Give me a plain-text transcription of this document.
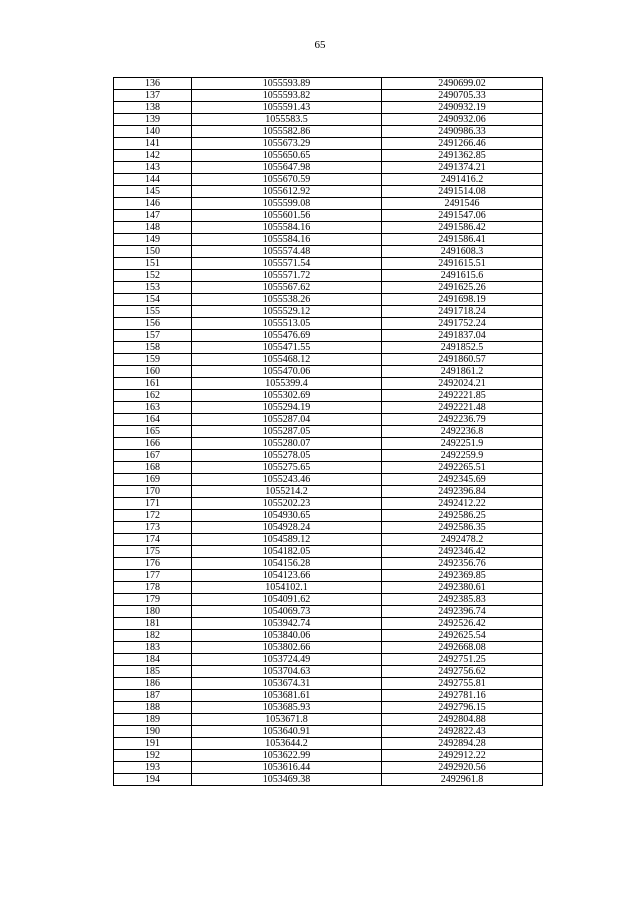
65
136	1055593.89	2490699.02
137	1055593.82	2490705.33
138	1055591.43	2490932.19
139	1055583.5	2490932.06
140	1055582.86	2490986.33
141	1055673.29	2491266.46
142	1055650.65	2491362.85
143	1055647.98	2491374.21
144	1055670.59	2491416.2
145	1055612.92	2491514.08
146	1055599.08	2491546
147	1055601.56	2491547.06
148	1055584.16	2491586.42
149	1055584.16	2491586.41
150	1055574.48	2491608.3
151	1055571.54	2491615.51
152	1055571.72	2491615.6
153	1055567.62	2491625.26
154	1055538.26	2491698.19
155	1055529.12	2491718.24
156	1055513.05	2491752.24
157	1055476.69	2491837.04
158	1055471.55	2491852.5
159	1055468.12	2491860.57
160	1055470.06	2491861.2
161	1055399.4	2492024.21
162	1055302.69	2492221.85
163	1055294.19	2492221.48
164	1055287.04	2492236.79
165	1055287.05	2492236.8
166	1055280.07	2492251.9
167	1055278.05	2492259.9
168	1055275.65	2492265.51
169	1055243.46	2492345.69
170	1055214.2	2492396.84
171	1055202.23	2492412.22
172	1054930.65	2492586.25
173	1054928.24	2492586.35
174	1054589.12	2492478.2
175	1054182.05	2492346.42
176	1054156.28	2492356.76
177	1054123.66	2492369.85
178	1054102.1	2492380.61
179	1054091.62	2492385.83
180	1054069.73	2492396.74
181	1053942.74	2492526.42
182	1053840.06	2492625.54
183	1053802.66	2492668.08
184	1053724.49	2492751.25
185	1053704.63	2492756.62
186	1053674.31	2492755.81
187	1053681.61	2492781.16
188	1053685.93	2492796.15
189	1053671.8	2492804.88
190	1053640.91	2492822.43
191	1053644.2	2492894.28
192	1053622.99	2492912.22
193	1053616.44	2492920.56
194	1053469.38	2492961.8
